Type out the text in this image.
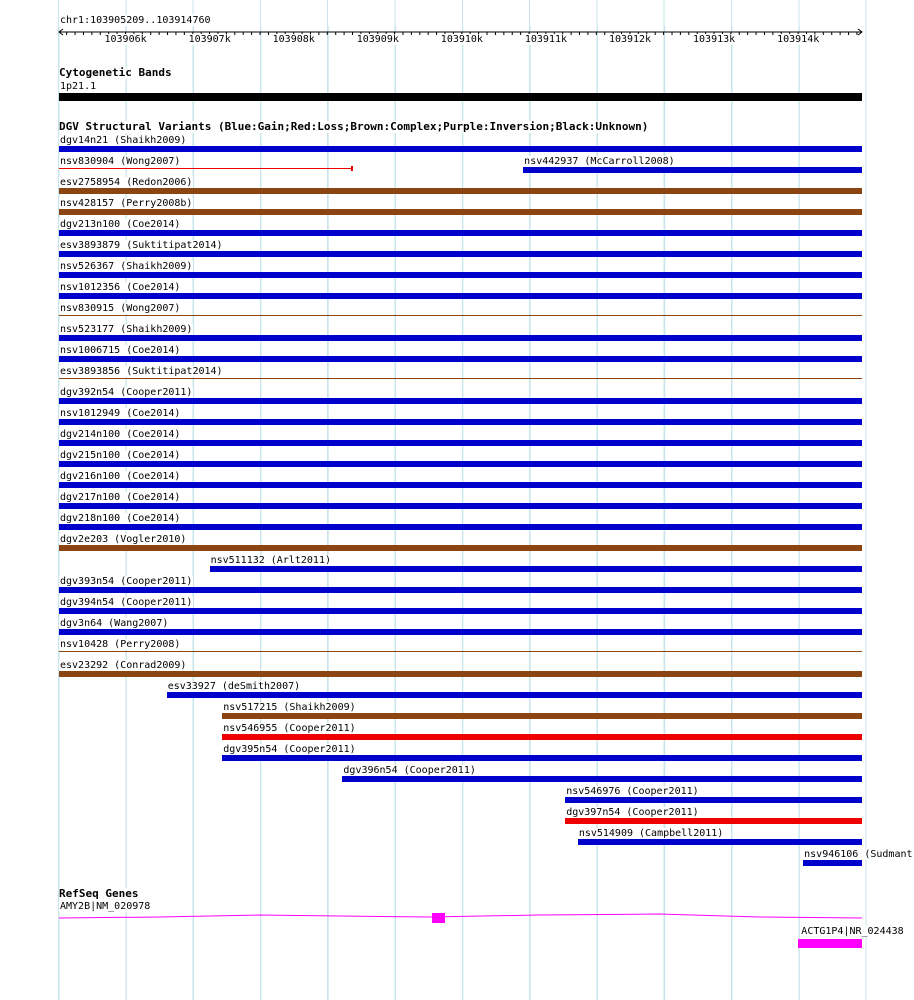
chr1:103905209..103914760
103906k	103907k	103908k	103909k	103910k	103911k	103912k	103913k	103914k
Cytogenetic Bands
1p21.1
DGV Structural Variants (Blue:Gain;Red:Loss;Brown:Complex;Purple:Inversion;Black:Unknown)
dgv14n21 (Shaikh2009)
nsv830904 (Wong2007)	nsv442937 (McCarroll2008)
esv2758954 (Redon2006)
nsv428157 (Perry2008b)
dgv213n100 (Coe2014)
esv3893879 (Suktitipat2014)
nsv526367 (Shaikh2009)
nsv1012356 (Coe2014)
nsv830915 (Wong2007)
nsv523177 (Shaikh2009)
nsv1006715 (Coe2014)
esv3893856 (Suktitipat2014)
dgv392n54 (Cooper2011)
nsv1012949 (Coe2014)
dgv214n100 (Coe2014)
dgv215n100 (Coe2014)
dgv216n100 (Coe2014)
dgv217n100 (Coe2014)
dgv218n100 (Coe2014)
dgv2e203 (Vogler2010)
nsv511132 (Arlt2011)
dgv393n54 (Cooper2011)
dgv394n54 (Cooper2011)
dgv3n64 (Wang2007)
nsv10428 (Perry2008)
esv23292 (Conrad2009)
esv33927 (deSmith2007)
nsv517215 (Shaikh2009)
nsv546955 (Cooper2011)
dgv395n54 (Cooper2011)
dgv396n54 (Cooper2011)
nsv546976 (Cooper2011)
dgv397n54 (Cooper2011)
nsv514909 (Campbell2011)
nsv946106 (Sudmant
RefSeq Genes
AMY2B|NM_020978
ACTG1P4|NR_024438
